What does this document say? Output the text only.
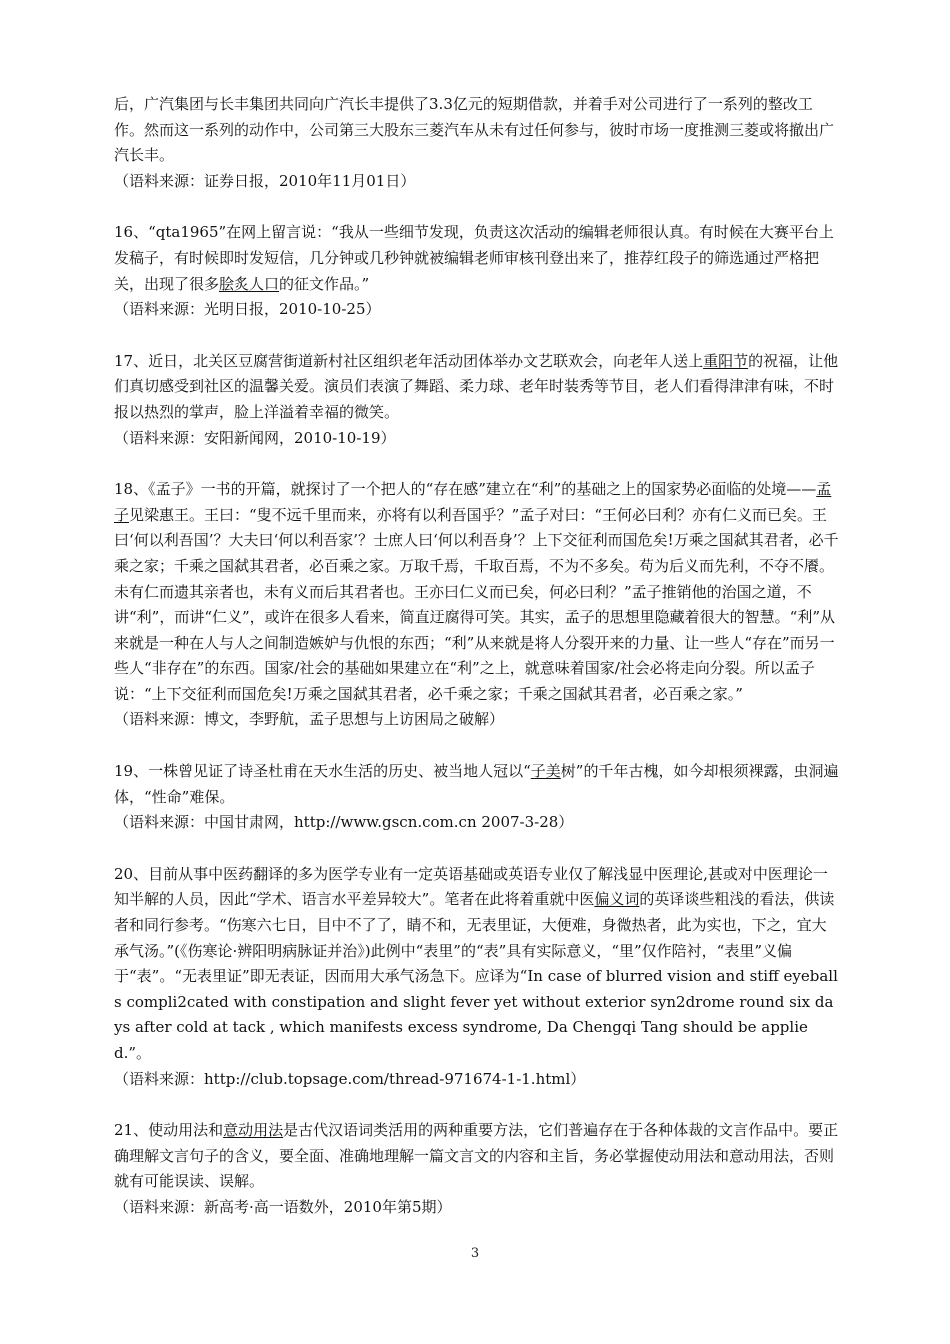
后，广汽集团与长丰集团共同向广汽长丰提供了3.3亿元的短期借款，并着手对公司进行了一系列的整改工作。然而这一系列的动作中，公司第三大股东三菱汽车从未有过任何参与，彼时市场一度推测三菱或将撤出广汽长丰。

（语料来源：证券日报，2010年11月01日）

16、“qta1965”在网上留言说：“我从一些细节发现，负责这次活动的编辑老师很认真。有时候在大赛平台上发稿子，有时候即时发短信，几分钟或几秒钟就被编辑老师审核刊登出来了，推荐红段子的筛选通过严格把关，出现了很多脍炙人口的征文作品。”

（语料来源：光明日报，2010-10-25）

17、近日，北关区豆腐营街道新村社区组织老年活动团体举办文艺联欢会，向老年人送上重阳节的祝福，让他们真切感受到社区的温馨关爱。演员们表演了舞蹈、柔力球、老年时装秀等节目，老人们看得津津有味，不时报以热烈的掌声，脸上洋溢着幸福的微笑。

（语料来源：安阳新闻网，2010-10-19）

18、《孟子》一书的开篇，就探讨了一个把人的“存在感”建立在“利”的基础之上的国家势必面临的处境——孟子见梁惠王。王曰：“叟不远千里而来，亦将有以利吾国乎？”孟子对曰：“王何必曰利？亦有仁义而已矣。王曰‘何以利吾国’？大夫曰‘何以利吾家’？士庶人曰‘何以利吾身’？上下交征利而国危矣!万乘之国弑其君者，必千乘之家；千乘之国弑其君者，必百乘之家。万取千焉，千取百焉，不为不多矣。苟为后义而先利，不夺不餍。未有仁而遗其亲者也，未有义而后其君者也。王亦曰仁义而已矣，何必曰利？”孟子推销他的治国之道，不讲“利”，而讲“仁义”，或许在很多人看来，简直迂腐得可笑。其实，孟子的思想里隐藏着很大的智慧。“利”从来就是一种在人与人之间制造嫉妒与仇恨的东西；“利”从来就是将人分裂开来的力量、让一些人“存在”而另一些人“非存在”的东西。国家/社会的基础如果建立在“利”之上，就意味着国家/社会必将走向分裂。所以孟子说：“上下交征利而国危矣!万乘之国弑其君者，必千乘之家；千乘之国弑其君者，必百乘之家。”

（语料来源：博文，李野航，孟子思想与上访困局之破解）

19、一株曾见证了诗圣杜甫在天水生活的历史、被当地人冠以“子美树”的千年古槐，如今却根须裸露，虫洞遍体，“性命”难保。

（语料来源：中国甘肃网，http://www.gscn.com.cn 2007-3-28）

20、目前从事中医药翻译的多为医学专业有一定英语基础或英语专业仅了解浅显中医理论,甚或对中医理论一知半解的人员，因此“学术、语言水平差异较大”。笔者在此将着重就中医偏义词的英译谈些粗浅的看法，供读者和同行参考。“伤寒六七日，目中不了了，睛不和，无表里证，大便难，身微热者，此为实也，下之，宜大承气汤。”(《伤寒论·辨阳明病脉证并治》)此例中“表里”的“表”具有实际意义，“里”仅作陪衬，“表里”义偏于“表”。“无表里证”即无表证，因而用大承气汤急下。应译为“In case of blurred vision and stiff eyeballs compli2cated with constipation and slight fever yet without exterior syn2drome round six days after cold at tack , which manifests excess syndrome, Da Chengqi Tang should be applied.”。

（语料来源：http://club.topsage.com/thread-971674-1-1.html）

21、使动用法和意动用法是古代汉语词类活用的两种重要方法，它们普遍存在于各种体裁的文言作品中。要正确理解文言句子的含义，要全面、准确地理解一篇文言文的内容和主旨，务必掌握使动用法和意动用法，否则就有可能误读、误解。

（语料来源：新高考·高一语数外，2010年第5期）

3
